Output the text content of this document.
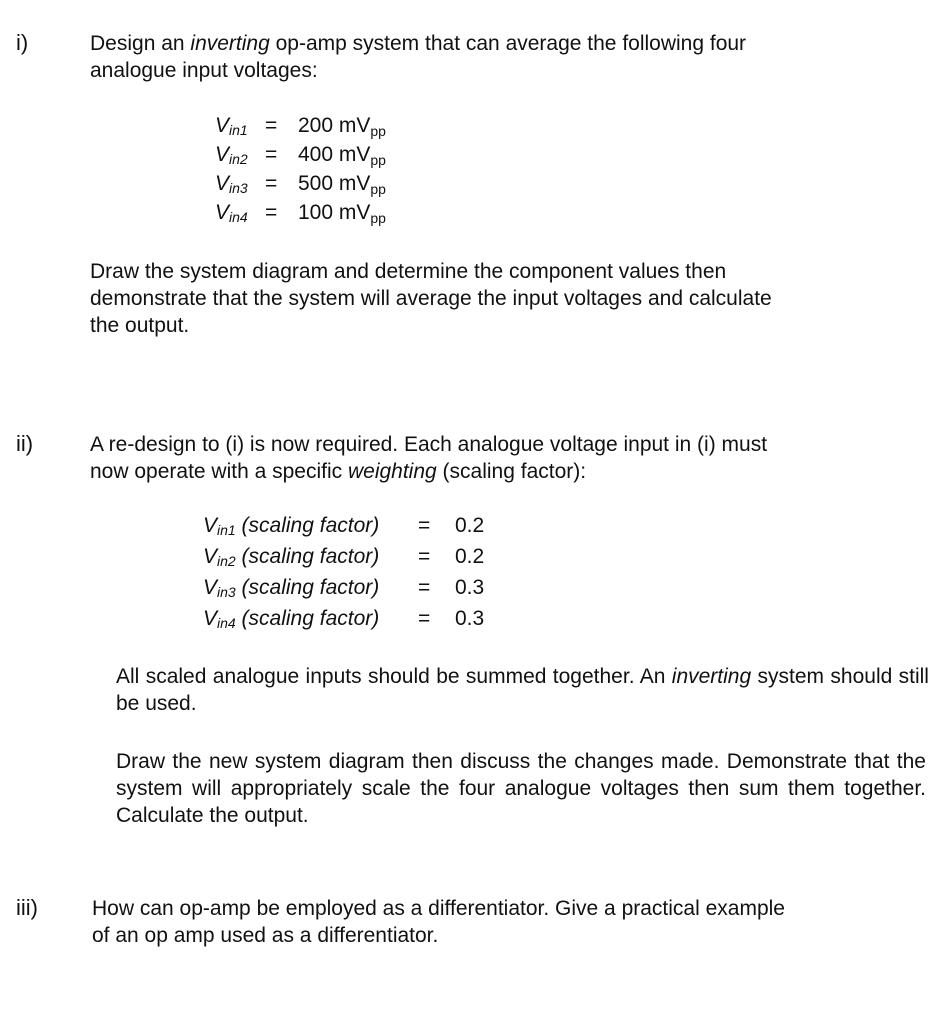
i)	Design an inverting op-amp system that can average the following four
analogue input voltages:
Vin1 = 200 mVpp
Vin2 = 400 mVpp
Vin3 = 500 mVpp
Vin4 = 100 mVpp
Draw the system diagram and determine the component values then
demonstrate that the system will average the input voltages and calculate
the output.
ii)	A re-design to (i) is now required. Each analogue voltage input in (i) must
now operate with a specific weighting (scaling factor):
Vin1 (scaling factor) = 0.2
Vin2 (scaling factor) = 0.2
Vin3 (scaling factor) = 0.3
Vin4 (scaling factor) = 0.3
All scaled analogue inputs should be summed together. An inverting system should still be used.
Draw the new system diagram then discuss the changes made. Demonstrate that the system will appropriately scale the four analogue voltages then sum them together. Calculate the output.
iii)	How can op-amp be employed as a differentiator. Give a practical example
of an op amp used as a differentiator.
